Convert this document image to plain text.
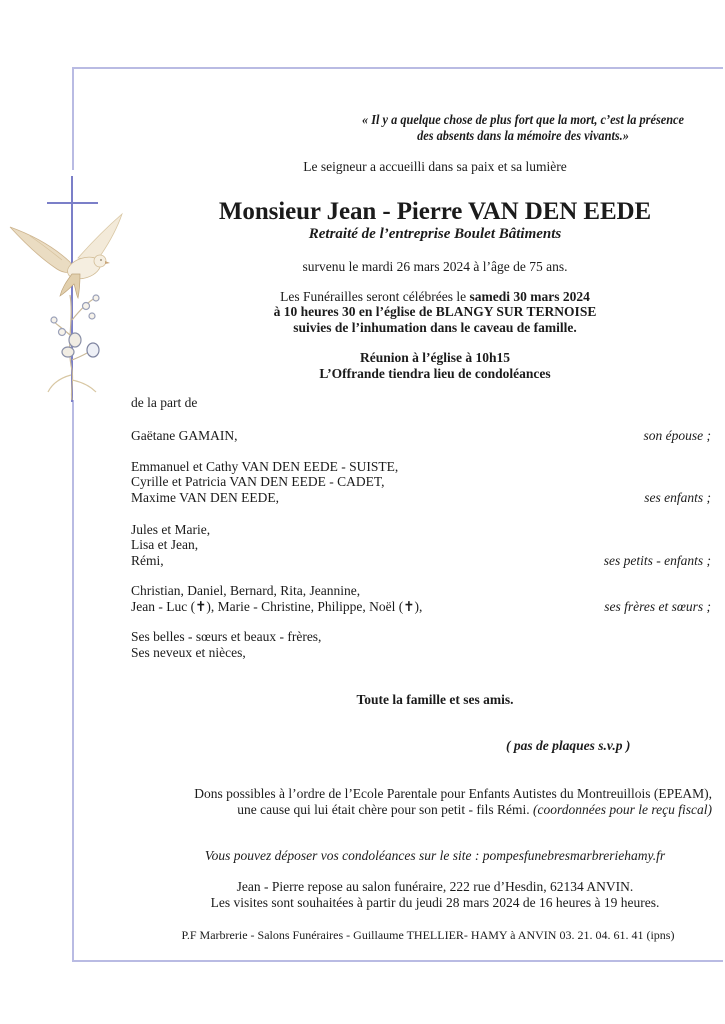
« Il y a quelque chose de plus fort que la mort, c’est la présence
des absents dans la mémoire des vivants.»
Le seigneur a accueilli dans sa paix et sa lumière
Monsieur Jean - Pierre VAN DEN EEDE
Retraité de l’entreprise Boulet Bâtiments
survenu le mardi 26 mars 2024 à l’âge de 75 ans.
Les Funérailles seront célébrées le samedi 30 mars 2024
à 10 heures 30 en l’église de BLANGY SUR TERNOISE
suivies de l’inhumation dans le caveau de famille.
Réunion à l’église à 10h15
L’Offrande tiendra lieu de condoléances
de la part de
Gaëtane GAMAIN,	son épouse ;
Emmanuel et Cathy VAN DEN EEDE - SUISTE,
Cyrille et Patricia VAN DEN EEDE - CADET,
Maxime VAN DEN EEDE,	ses enfants ;
Jules et Marie,
Lisa et Jean,
Rémi,	ses petits - enfants ;
Christian, Daniel, Bernard, Rita, Jeannine,
Jean - Luc (✝), Marie - Christine, Philippe, Noël (✝),	ses frères et sœurs ;
Ses belles - sœurs et beaux - frères,
Ses neveux et nièces,
Toute la famille et ses amis.
( pas de plaques s.v.p )
Dons possibles à l’ordre de l’Ecole Parentale pour Enfants Autistes du Montreuillois (EPEAM),
une cause qui lui était chère pour son petit - fils Rémi. (coordonnées pour le reçu fiscal)
Vous pouvez déposer vos condoléances sur le site : pompesfunebresmarbreriehamy.fr
Jean - Pierre repose au salon funéraire, 222 rue d’Hesdin, 62134 ANVIN.
Les visites sont souhaitées à partir du jeudi 28 mars 2024 de 16 heures à 19 heures.
P.F Marbrerie - Salons Funéraires - Guillaume THELLIER- HAMY à ANVIN 03. 21. 04. 61. 41 (ipns)
